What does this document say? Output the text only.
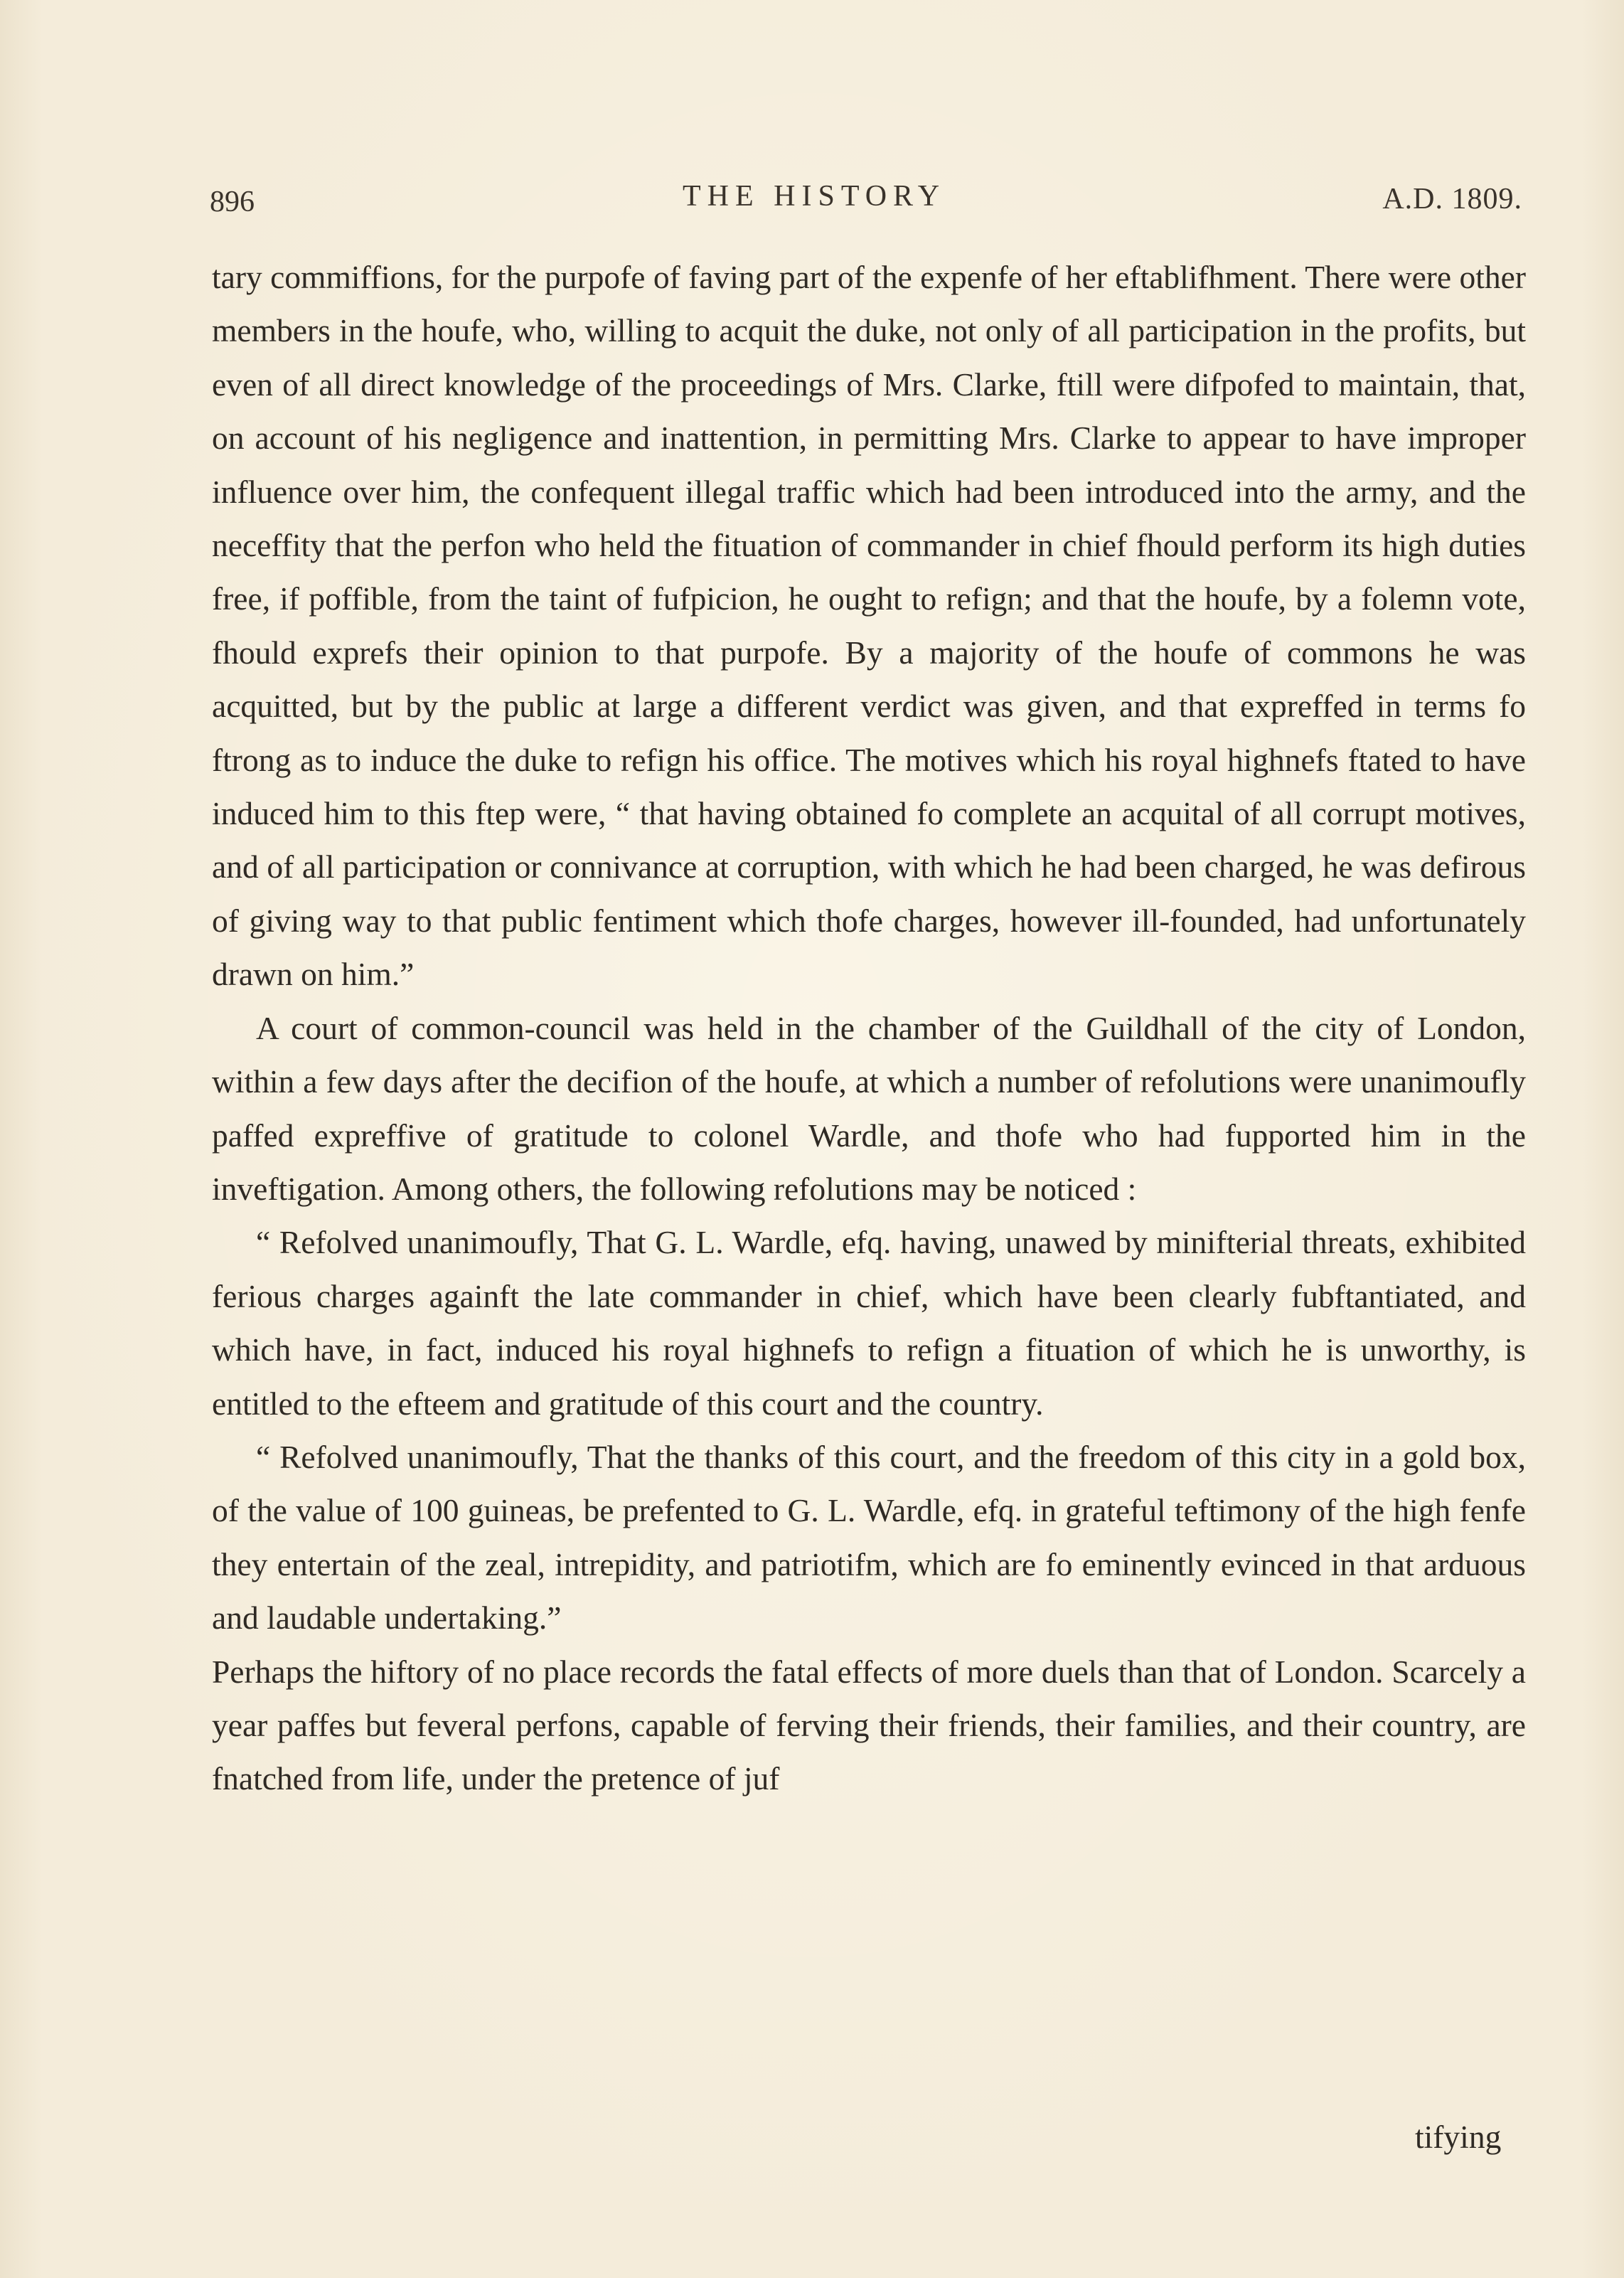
896	THE HISTORY	A.D. 1809.

tary commiffions, for the purpofe of faving part of the expenfe of her eftablifhment. There were other members in the houfe, who, willing to acquit the duke, not only of all participation in the profits, but even of all direct knowledge of the proceedings of Mrs. Clarke, ftill were difpofed to maintain, that, on account of his negligence and inattention, in permitting Mrs. Clarke to appear to have improper influence over him, the confequent illegal traffic which had been introduced into the army, and the neceffity that the perfon who held the fituation of commander in chief fhould perform its high duties free, if poffible, from the taint of fufpicion, he ought to refign; and that the houfe, by a folemn vote, fhould exprefs their opinion to that purpofe. By a majority of the houfe of commons he was acquitted, but by the public at large a different verdict was given, and that expreffed in terms fo ftrong as to induce the duke to refign his office. The motives which his royal highnefs ftated to have induced him to this ftep were, “ that having obtained fo complete an acquital of all corrupt motives, and of all participation or connivance at corruption, with which he had been charged, he was defirous of giving way to that public fentiment which thofe charges, however ill-founded, had unfortunately drawn on him.”

A court of common-council was held in the chamber of the Guildhall of the city of London, within a few days after the decifion of the houfe, at which a number of refolutions were unanimoufly paffed expreffive of gratitude to colonel Wardle, and thofe who had fupported him in the inveftigation. Among others, the following refolutions may be noticed :

“ Refolved unanimoufly, That G. L. Wardle, efq. having, unawed by minifterial threats, exhibited ferious charges againft the late commander in chief, which have been clearly fubftantiated, and which have, in fact, induced his royal highnefs to refign a fituation of which he is unworthy, is entitled to the efteem and gratitude of this court and the country.

“ Refolved unanimoufly, That the thanks of this court, and the freedom of this city in a gold box, of the value of 100 guineas, be prefented to G. L. Wardle, efq. in grateful teftimony of the high fenfe they entertain of the zeal, intrepidity, and patriotifm, which are fo eminently evinced in that arduous and laudable undertaking.”

Perhaps the hiftory of no place records the fatal effects of more duels than that of London. Scarcely a year paffes but feveral perfons, capable of ferving their friends, their families, and their country, are fnatched from life, under the pretence of juf

tifying
